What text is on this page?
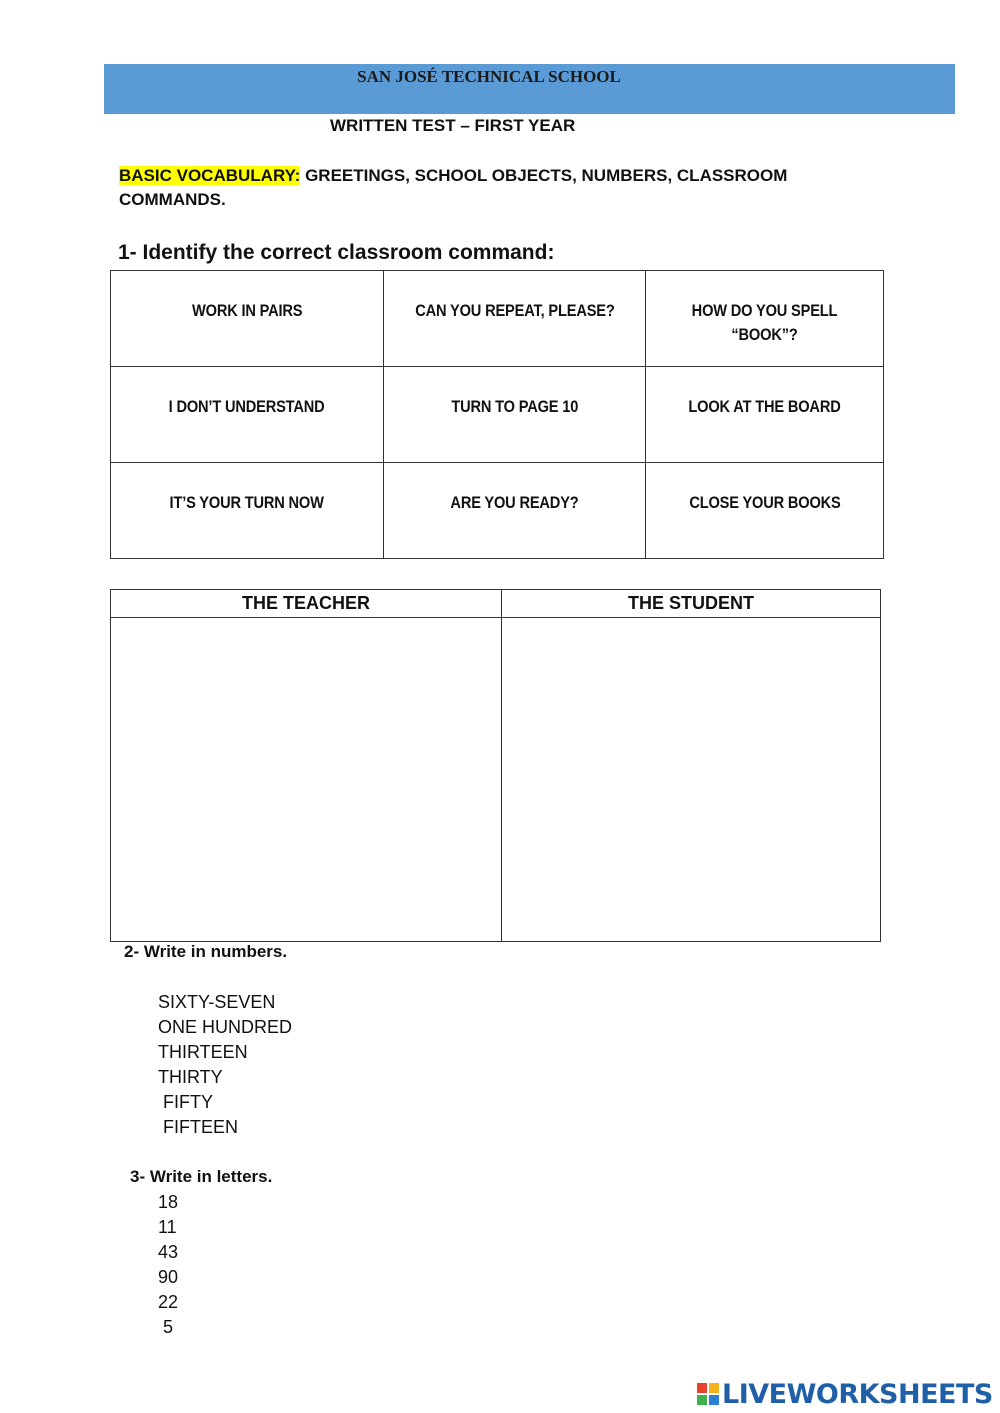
SAN JOSÉ TECHNICAL SCHOOL
WRITTEN TEST – FIRST YEAR
BASIC VOCABULARY: GREETINGS, SCHOOL OBJECTS, NUMBERS, CLASSROOM COMMANDS.
1- Identify the correct classroom command:
WORK IN PAIRS	CAN YOU REPEAT, PLEASE?	HOW DO YOU SPELL “BOOK”?
I DON’T UNDERSTAND	TURN TO PAGE 10	LOOK AT THE BOARD
IT’S YOUR TURN NOW	ARE YOU READY?	CLOSE YOUR BOOKS
THE TEACHER	THE STUDENT

2- Write in numbers.
SIXTY-SEVEN
ONE HUNDRED
THIRTEEN
THIRTY
FIFTY
FIFTEEN
3- Write in letters.
18
11
43
90
22
5
LIVEWORKSHEETS
